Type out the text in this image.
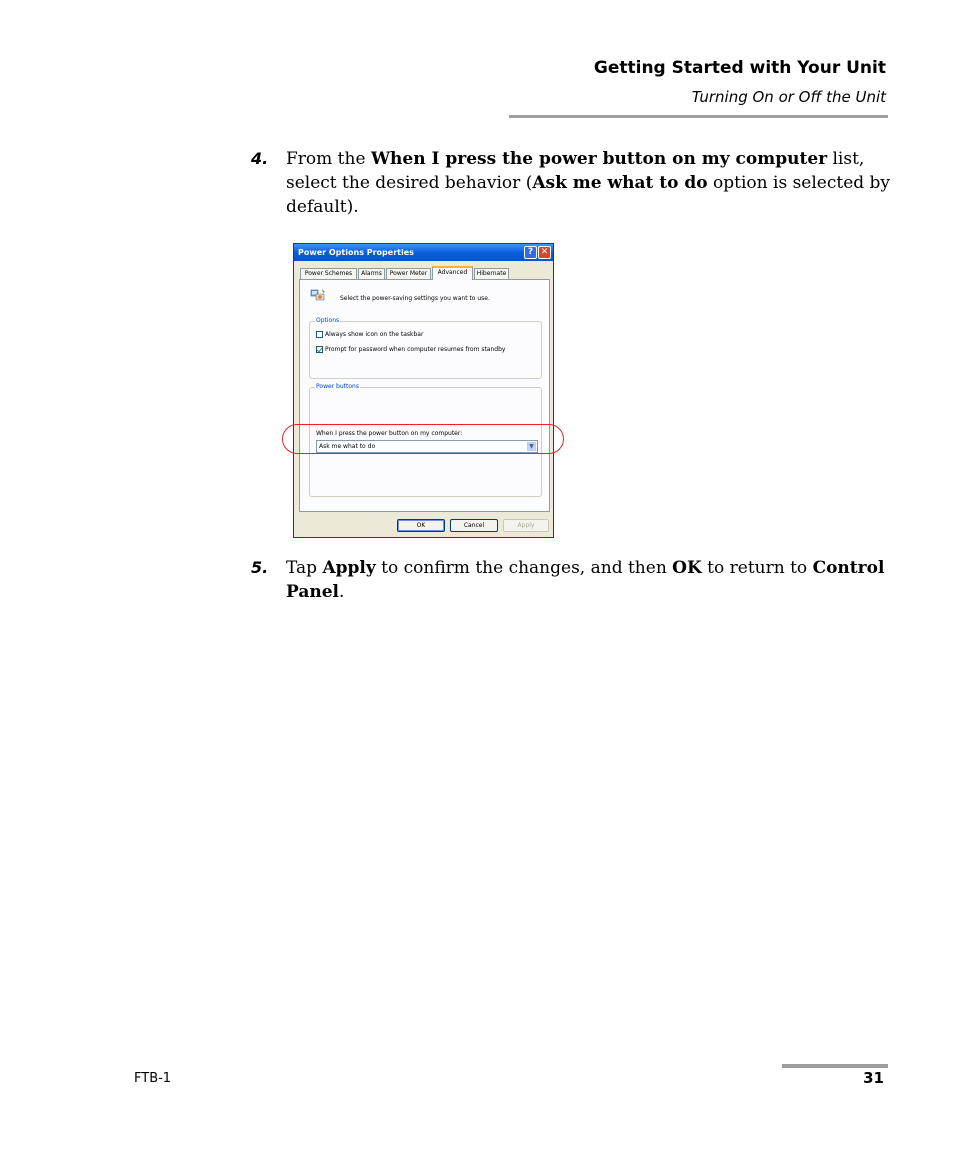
Getting Started with Your Unit
Turning On or Off the Unit
4. From the When I press the power button on my computer list, select the desired behavior (Ask me what to do option is selected by default).
Power Options Properties	? ✕
Power Schemes	Alarms	Power Meter	Advanced	Hibernate
Select the power-saving settings you want to use.
Options
Always show icon on the taskbar
Prompt for password when computer resumes from standby
Power buttons
When I press the power button on my computer:
Ask me what to do	▼
OK	Cancel	Apply
5. Tap Apply to confirm the changes, and then OK to return to Control Panel.
FTB-1	31
